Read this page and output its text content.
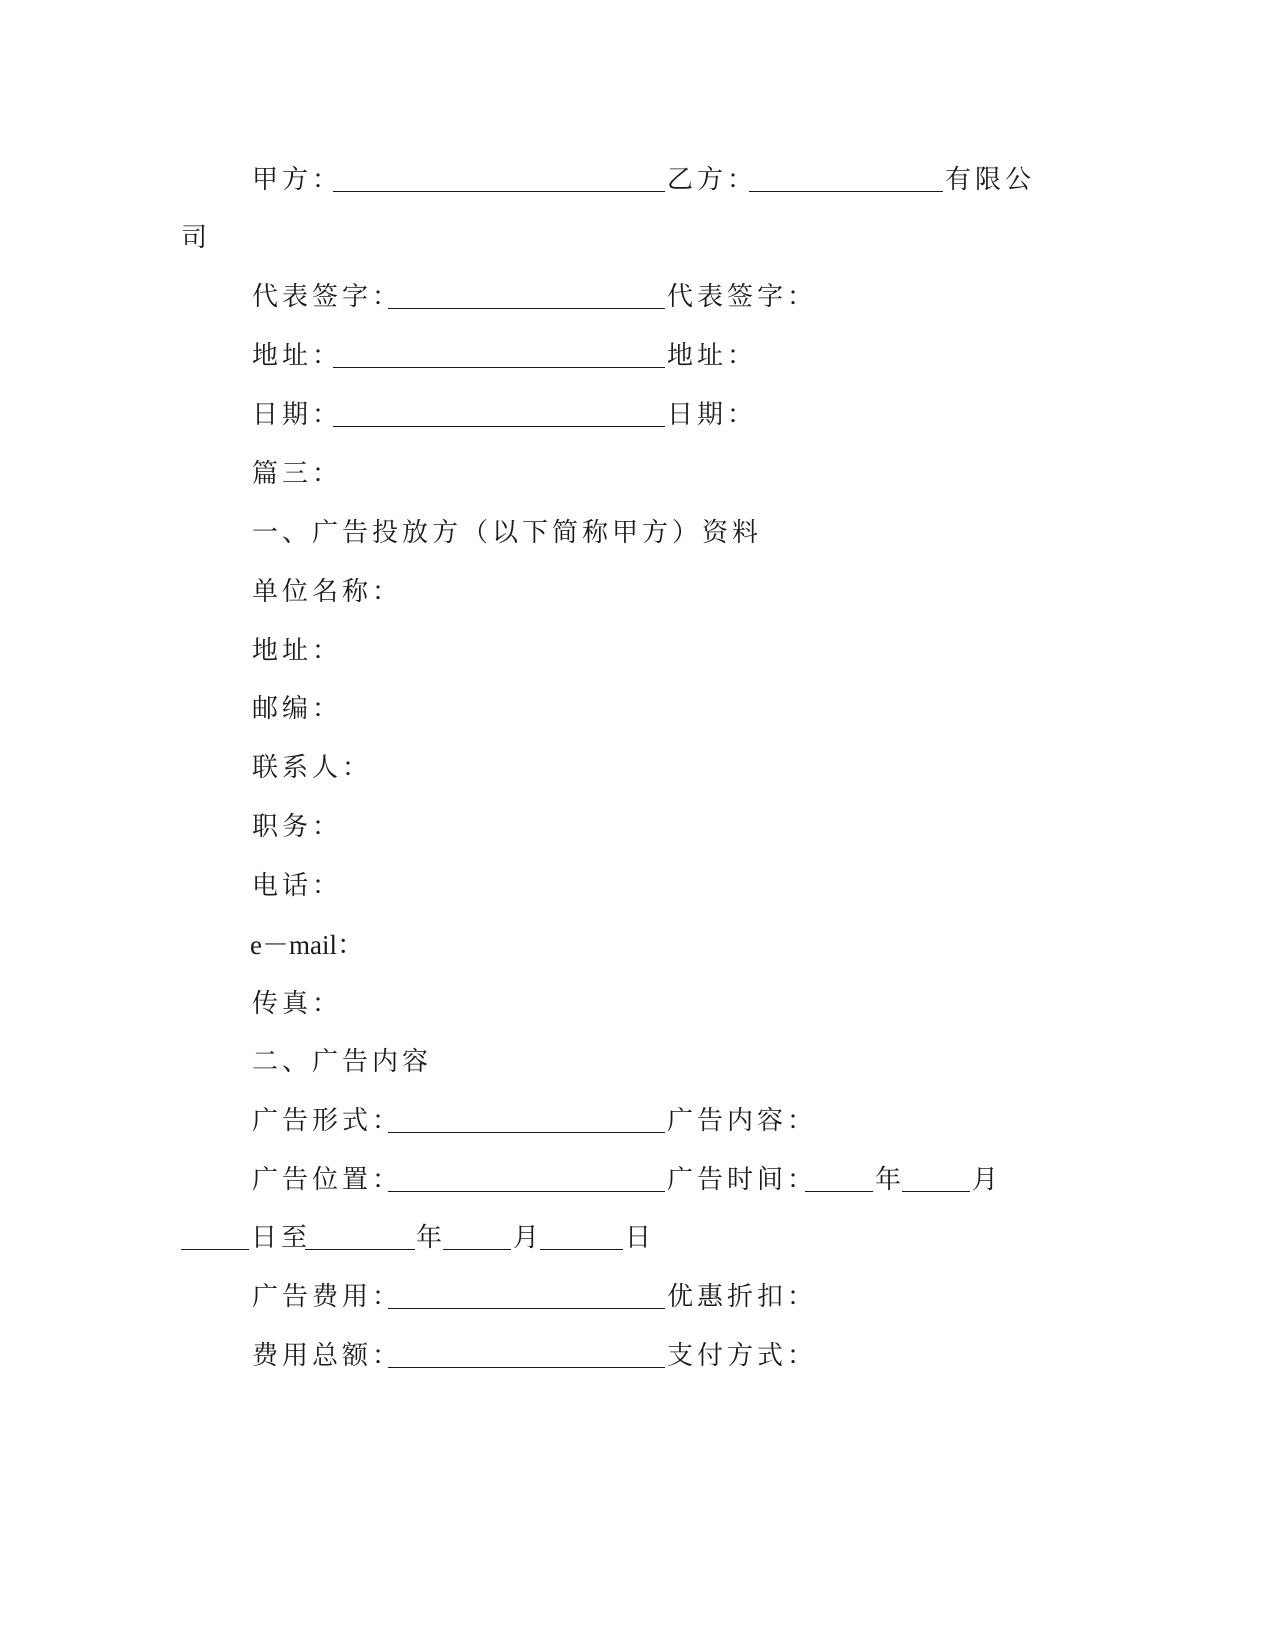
甲方：	乙方：	有限公
司
代表签字：	代表签字：
地址：	地址：
日期：	日期：
篇三：
一、广告投放方（以下简称甲方）资料
单位名称：
地址：
邮编：
联系人：
职务：
电话：
e－mail：
传真：
二、广告内容
广告形式：	广告内容：
广告位置：	广告时间： 年	月
日至	年	月	日
广告费用：	优惠折扣：
费用总额：	支付方式：
